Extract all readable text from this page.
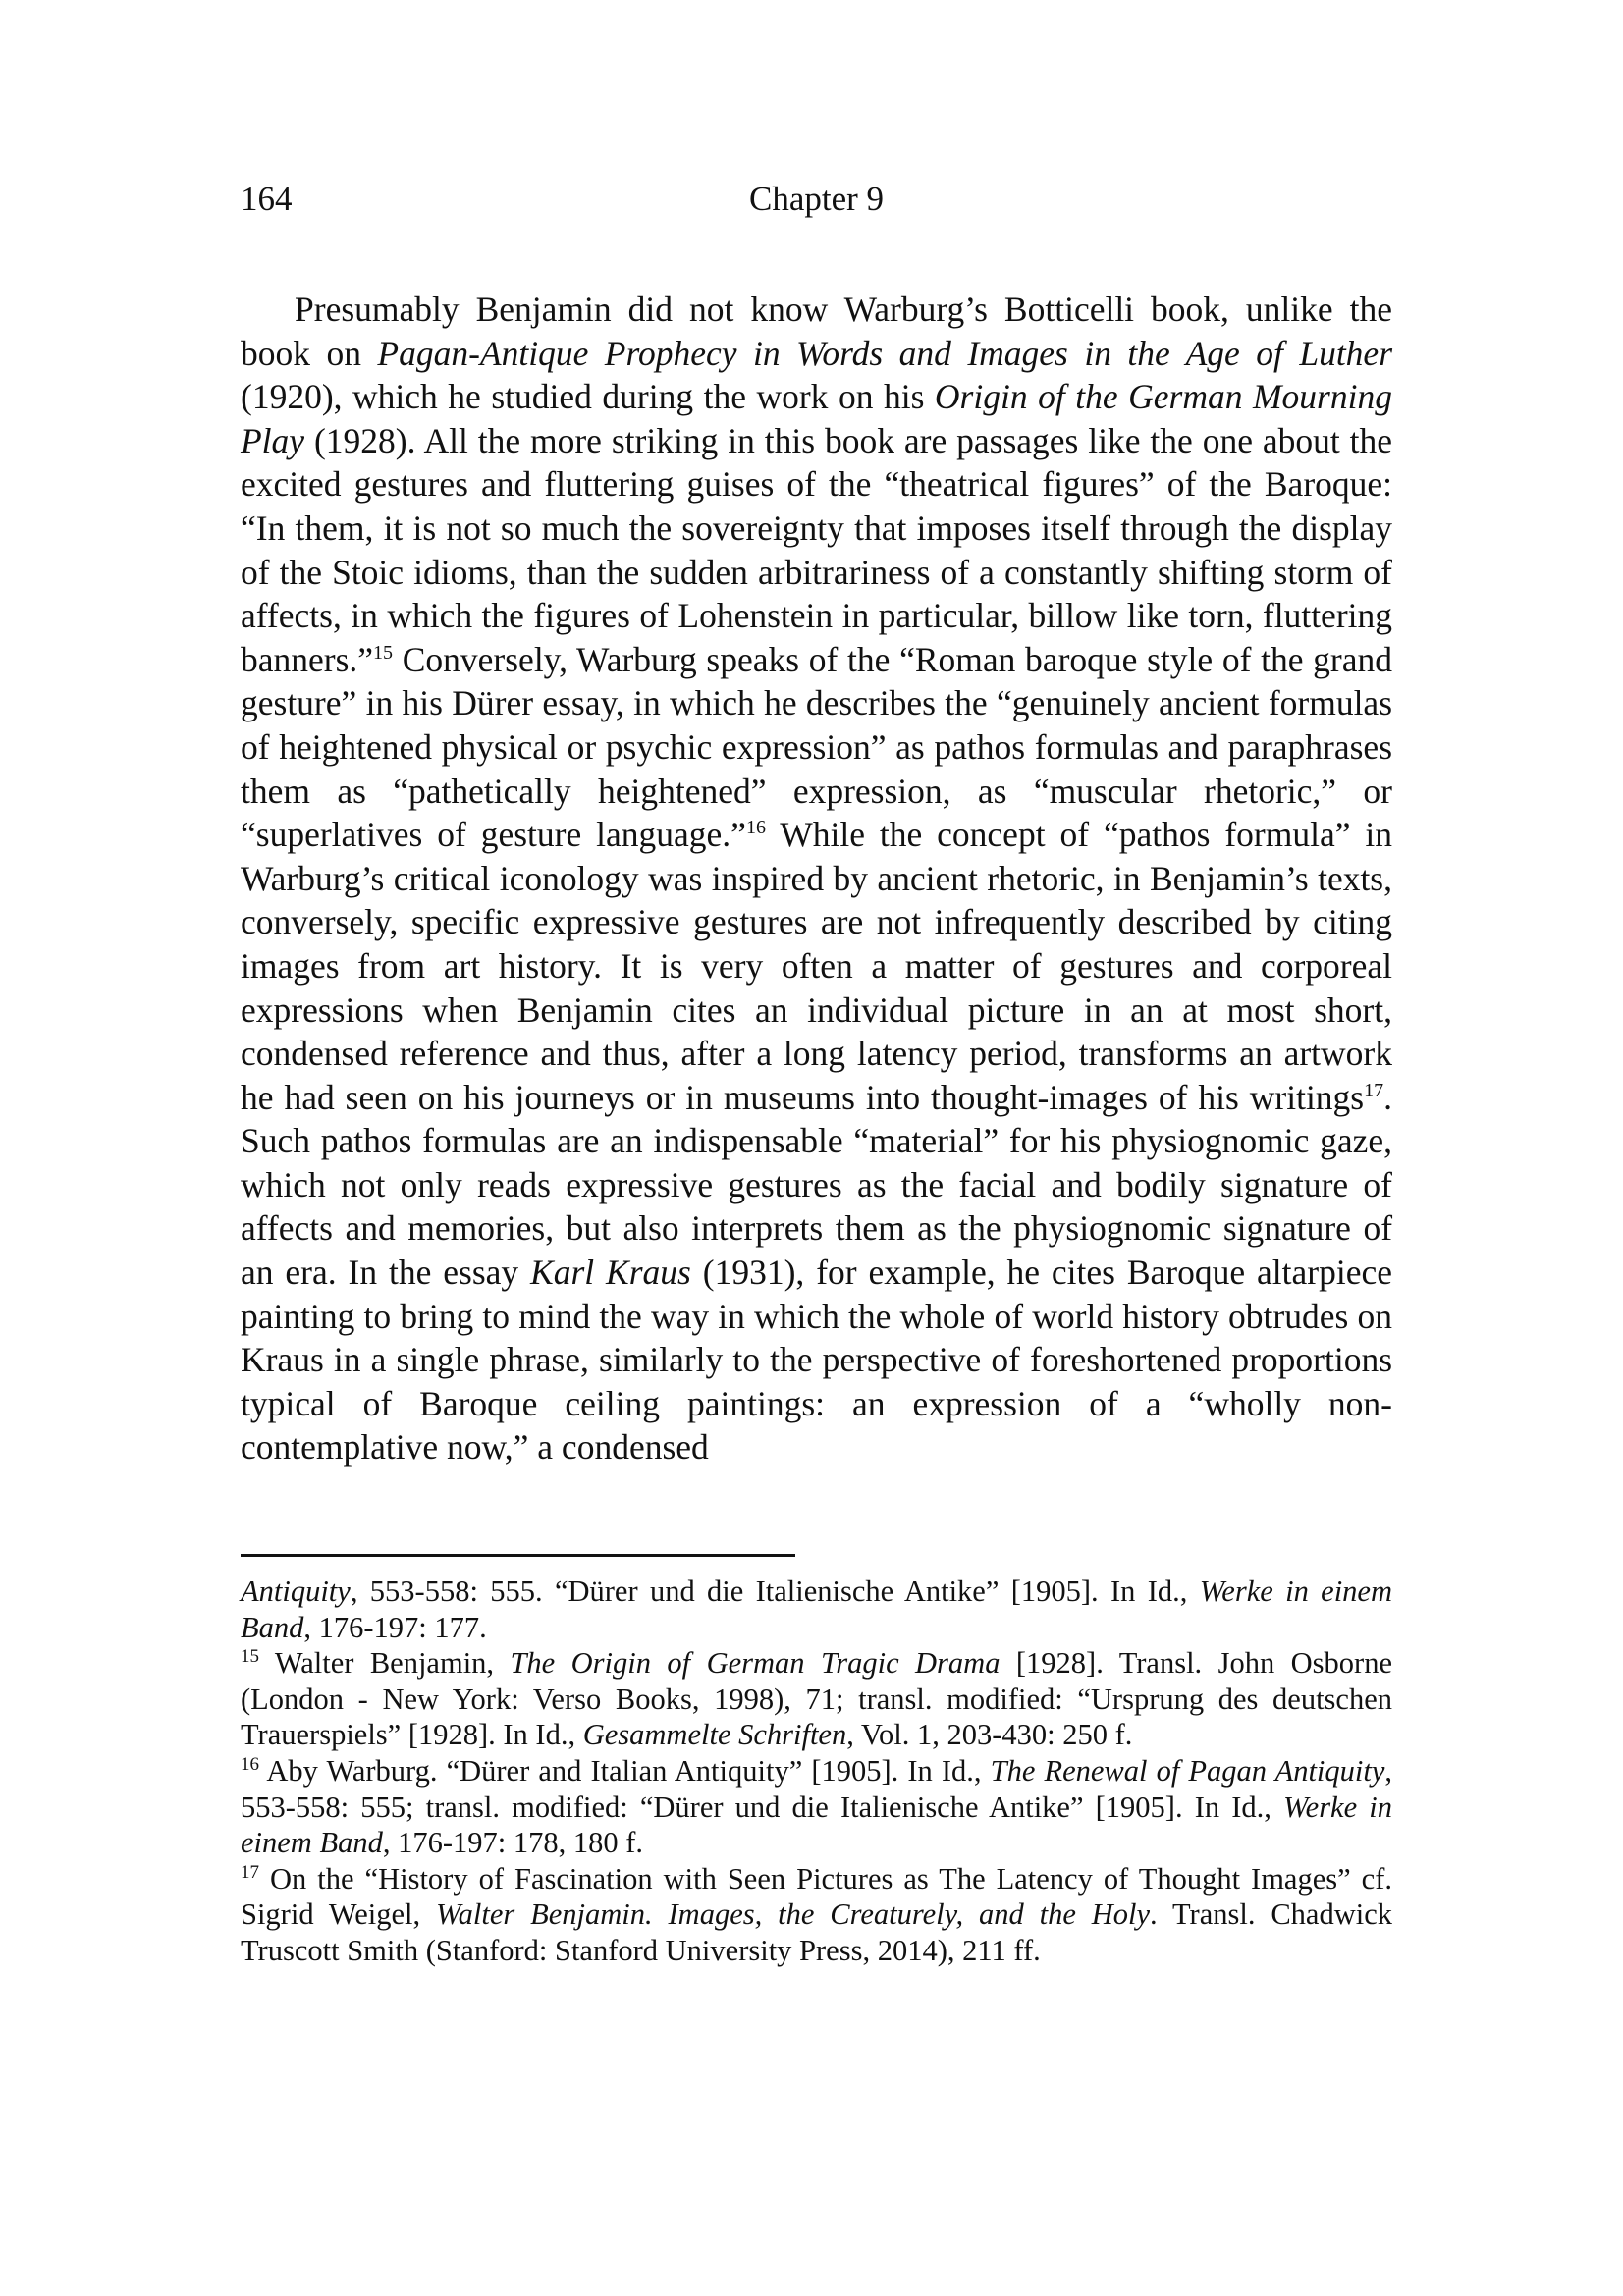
164	Chapter 9

Presumably Benjamin did not know Warburg’s Botticelli book, unlike the book on Pagan-Antique Prophecy in Words and Images in the Age of Luther (1920), which he studied during the work on his Origin of the German Mourning Play (1928). All the more striking in this book are passages like the one about the excited gestures and fluttering guises of the “theatrical figures” of the Baroque: “In them, it is not so much the sovereignty that imposes itself through the display of the Stoic idioms, than the sudden arbitrariness of a constantly shifting storm of affects, in which the figures of Lohenstein in particular, billow like torn, fluttering banners.”$^{15}$ Conversely, Warburg speaks of the “Roman baroque style of the grand gesture” in his Dürer essay, in which he describes the “genuinely ancient formulas of heightened physical or psychic expression” as pathos formulas and paraphrases them as “pathetically heightened” expression, as “muscular rhetoric,” or “superlatives of gesture language.”$^{16}$ While the concept of “pathos formula” in Warburg’s critical iconology was inspired by ancient rhetoric, in Benjamin’s texts, conversely, specific expressive gestures are not infrequently described by citing images from art history. It is very often a matter of gestures and corporeal expressions when Benjamin cites an individual picture in an at most short, condensed reference and thus, after a long latency period, transforms an artwork he had seen on his journeys or in museums into thought-images of his writings$^{17}$. Such pathos formulas are an indispensable “material” for his physiognomic gaze, which not only reads expressive gestures as the facial and bodily signature of affects and memories, but also interprets them as the physiognomic signature of an era. In the essay Karl Kraus (1931), for example, he cites Baroque altarpiece painting to bring to mind the way in which the whole of world history obtrudes on Kraus in a single phrase, similarly to the perspective of foreshortened proportions typical of Baroque ceiling paintings: an expression of a “wholly non-contemplative now,” a condensed

Antiquity, 553-558: 555. “Dürer und die Italienische Antike” [1905]. In Id., Werke in einem Band, 176-197: 177.

$^{15}$ Walter Benjamin, The Origin of German Tragic Drama [1928]. Transl. John Osborne (London - New York: Verso Books, 1998), 71; transl. modified: “Ursprung des deutschen Trauerspiels” [1928]. In Id., Gesammelte Schriften, Vol. 1, 203-430: 250 f.

$^{16}$ Aby Warburg. “Dürer and Italian Antiquity” [1905]. In Id., The Renewal of Pagan Antiquity, 553-558: 555; transl. modified: “Dürer und die Italienische Antike” [1905]. In Id., Werke in einem Band, 176-197: 178, 180 f.

$^{17}$ On the “History of Fascination with Seen Pictures as The Latency of Thought Images” cf. Sigrid Weigel, Walter Benjamin. Images, the Creaturely, and the Holy. Transl. Chadwick Truscott Smith (Stanford: Stanford University Press, 2014), 211 ff.
